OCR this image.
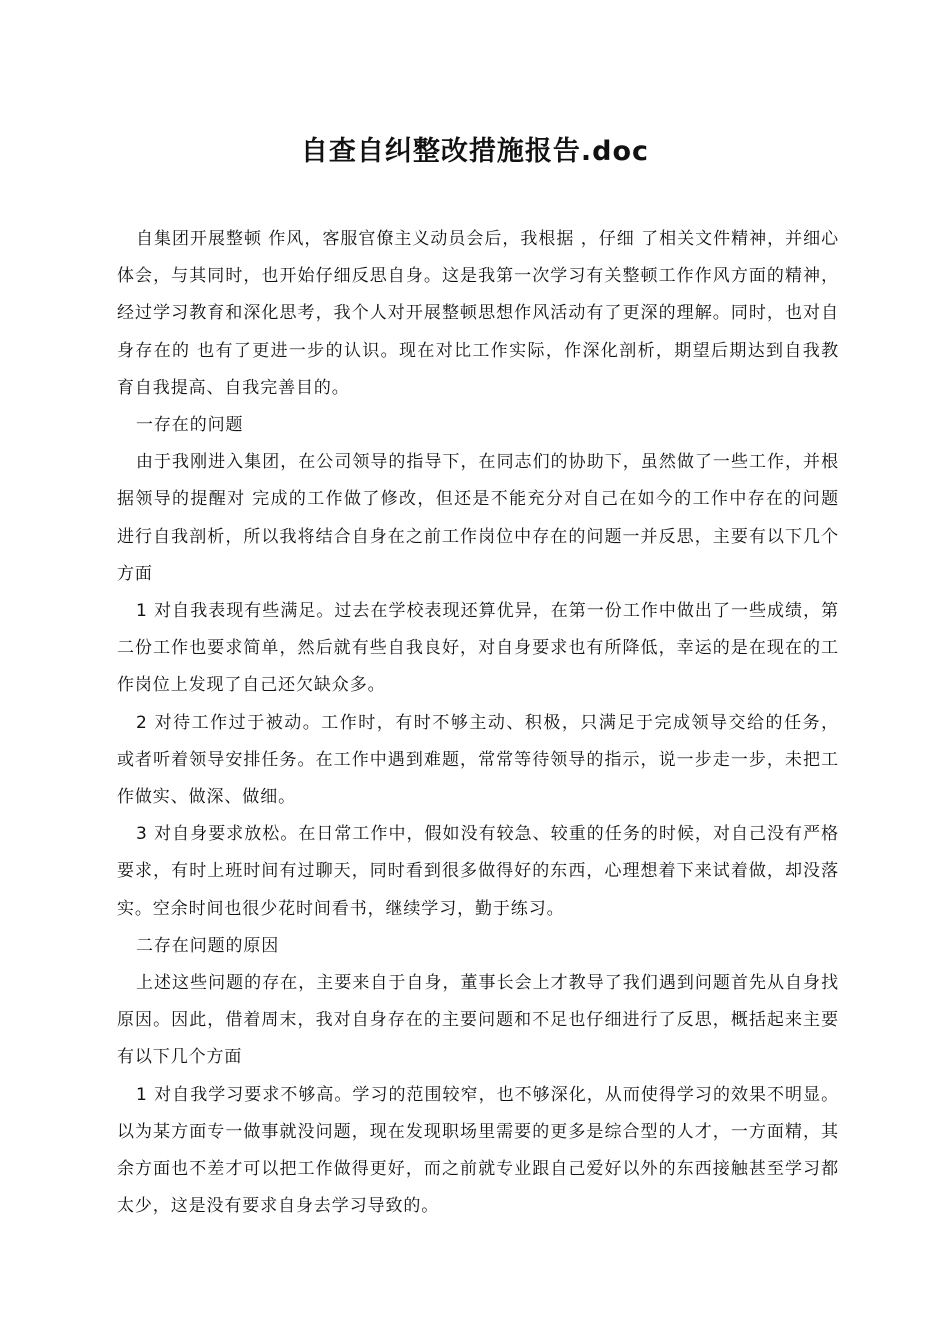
自查自纠整改措施报告.doc

自集团开展整顿 作风，客服官僚主义动员会后，我根据 ，仔细 了相关文件精神，并细心体会，与其同时，也开始仔细反思自身。这是我第一次学习有关整顿工作作风方面的精神，经过学习教育和深化思考，我个人对开展整顿思想作风活动有了更深的理解。同时，也对自身存在的 也有了更进一步的认识。现在对比工作实际，作深化剖析，期望后期达到自我教育自我提高、自我完善目的。

一存在的问题

由于我刚进入集团，在公司领导的指导下，在同志们的协助下，虽然做了一些工作，并根据领导的提醒对 完成的工作做了修改，但还是不能充分对自己在如今的工作中存在的问题进行自我剖析，所以我将结合自身在之前工作岗位中存在的问题一并反思，主要有以下几个方面

1 对自我表现有些满足。过去在学校表现还算优异，在第一份工作中做出了一些成绩，第二份工作也要求简单，然后就有些自我良好，对自身要求也有所降低，幸运的是在现在的工作岗位上发现了自己还欠缺众多。

2 对待工作过于被动。工作时，有时不够主动、积极，只满足于完成领导交给的任务， 或者听着领导安排任务。在工作中遇到难题，常常等待领导的指示，说一步走一步，未把工作做实、做深、做细。

3 对自身要求放松。在日常工作中，假如没有较急、较重的任务的时候，对自己没有严格要求，有时上班时间有过聊天，同时看到很多做得好的东西，心理想着下来试着做，却没落实。空余时间也很少花时间看书，继续学习，勤于练习。

二存在问题的原因

上述这些问题的存在，主要来自于自身，董事长会上才教导了我们遇到问题首先从自身找原因。因此，借着周末，我对自身存在的主要问题和不足也仔细进行了反思，概括起来主要有以下几个方面

1 对自我学习要求不够高。学习的范围较窄，也不够深化，从而使得学习的效果不明显。以为某方面专一做事就没问题，现在发现职场里需要的更多是综合型的人才，一方面精，其余方面也不差才可以把工作做得更好，而之前就专业跟自己爱好以外的东西接触甚至学习都太少，这是没有要求自身去学习导致的。
